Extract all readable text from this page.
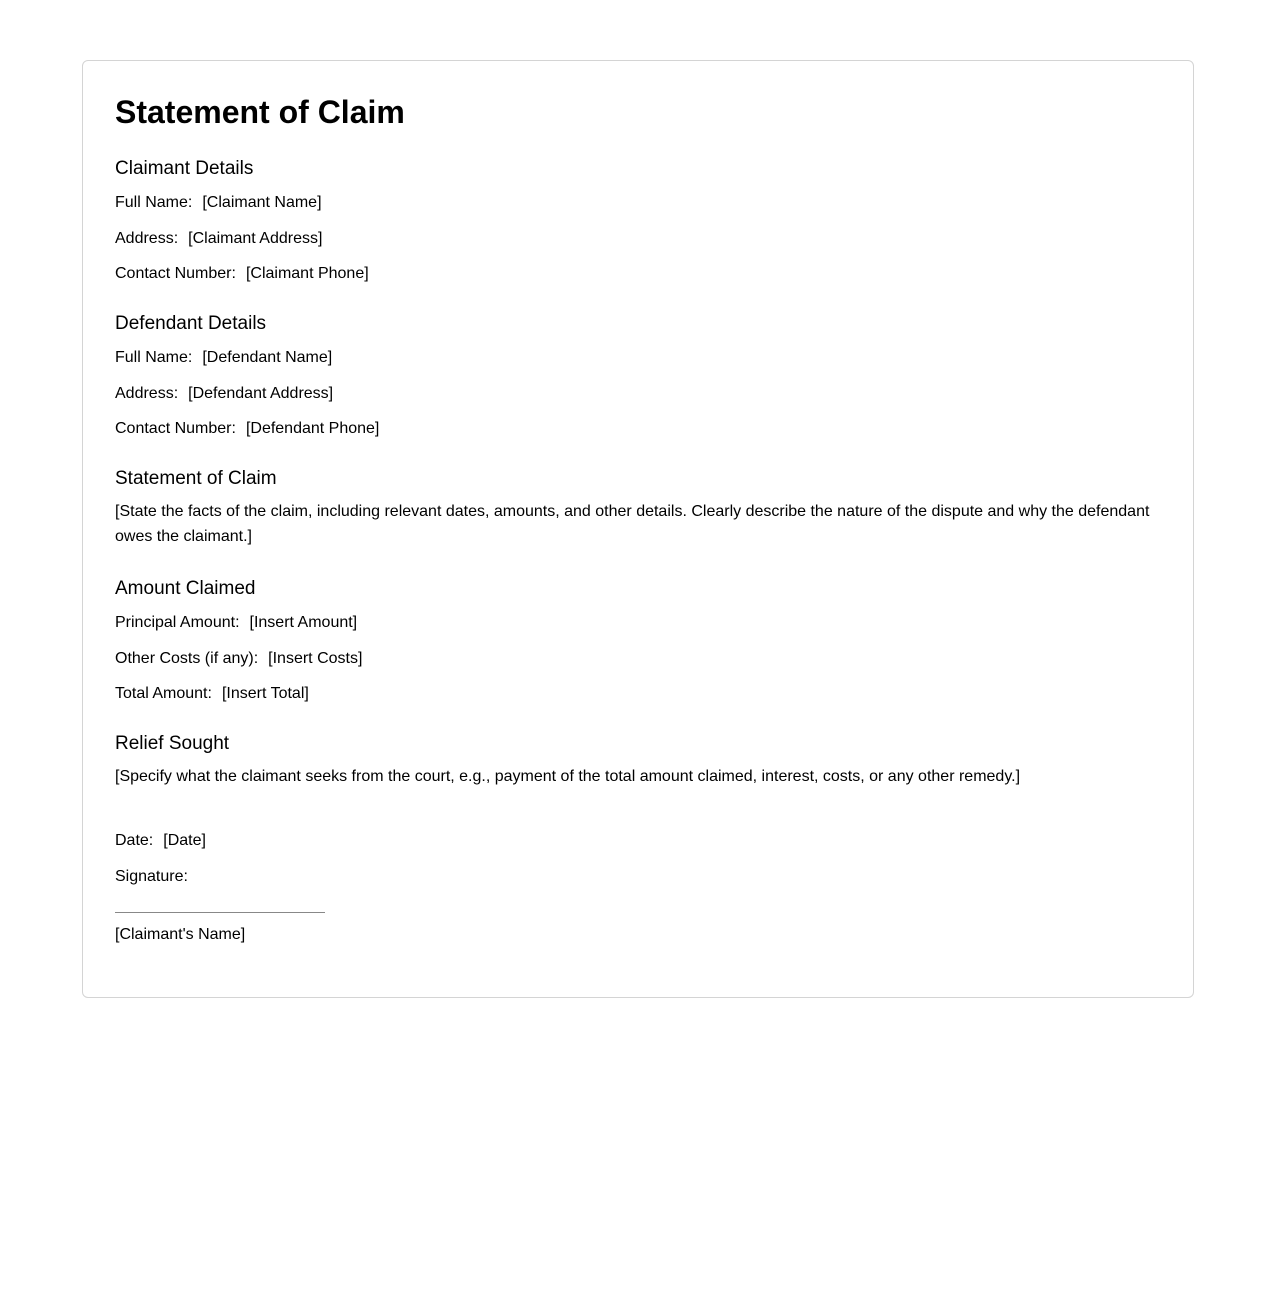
Statement of Claim
Claimant Details
Full Name: [Claimant Name]
Address: [Claimant Address]
Contact Number: [Claimant Phone]
Defendant Details
Full Name: [Defendant Name]
Address: [Defendant Address]
Contact Number: [Defendant Phone]
Statement of Claim
[State the facts of the claim, including relevant dates, amounts, and other details. Clearly describe the nature of the dispute and why the defendant owes the claimant.]
Amount Claimed
Principal Amount: [Insert Amount]
Other Costs (if any): [Insert Costs]
Total Amount: [Insert Total]
Relief Sought
[Specify what the claimant seeks from the court, e.g., payment of the total amount claimed, interest, costs, or any other remedy.]
Date: [Date]
Signature:
[Claimant's Name]
